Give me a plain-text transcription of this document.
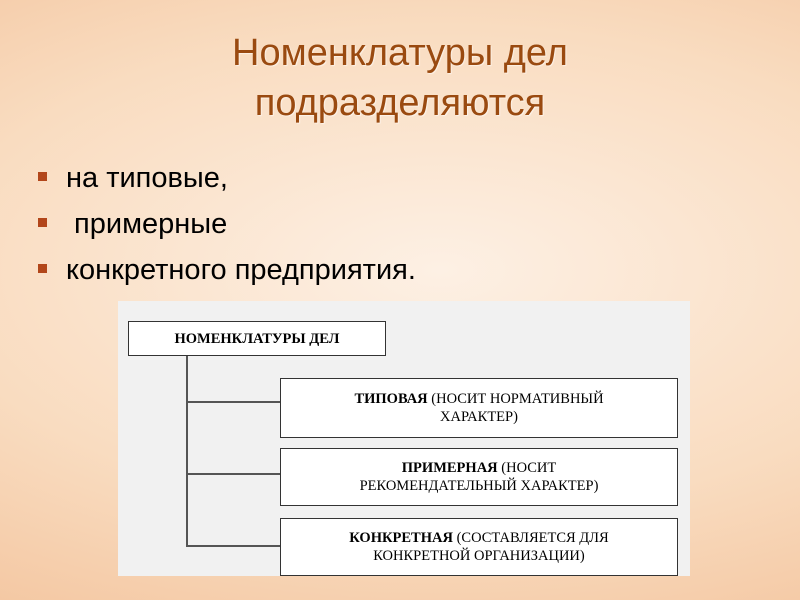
Номенклатуры дел
подразделяются
на типовые,
примерные
конкретного предприятия.
НОМЕНКЛАТУРЫ ДЕЛ
ТИПОВАЯ (НОСИТ НОРМАТИВНЫЙ
ХАРАКТЕР)
ПРИМЕРНАЯ (НОСИТ
РЕКОМЕНДАТЕЛЬНЫЙ ХАРАКТЕР)
КОНКРЕТНАЯ (СОСТАВЛЯЕТСЯ ДЛЯ
КОНКРЕТНОЙ ОРГАНИЗАЦИИ)
